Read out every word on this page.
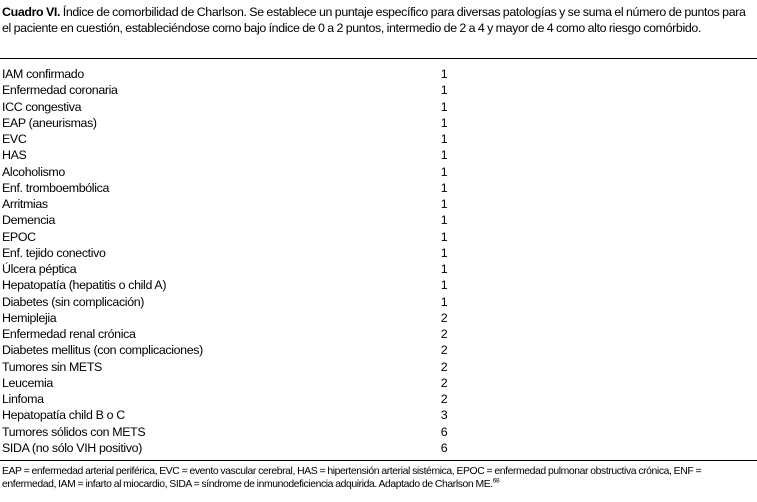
Cuadro VI. Índice de comorbilidad de Charlson. Se establece un puntaje específico para diversas patologías y se suma el número de puntos para el paciente en cuestión, estableciéndose como bajo índice de 0 a 2 puntos, intermedio de 2 a 4 y mayor de 4 como alto riesgo comórbido.
IAM confirmado	1
Enfermedad coronaria	1
ICC congestiva	1
EAP (aneurismas)	1
EVC	1
HAS	1
Alcoholismo	1
Enf. tromboembólica	1
Arritmias	1
Demencia	1
EPOC	1
Enf. tejido conectivo	1
Úlcera péptica	1
Hepatopatía (hepatitis o child A)	1
Diabetes (sin complicación)	1
Hemiplejia	2
Enfermedad renal crónica	2
Diabetes mellitus (con complicaciones)	2
Tumores sin METS	2
Leucemia	2
Linfoma	2
Hepatopatía child B o C	3
Tumores sólidos con METS	6
SIDA (no sólo VIH positivo)	6
EAP = enfermedad arterial periférica, EVC = evento vascular cerebral, HAS = hipertensión arterial sistémica, EPOC = enfermedad pulmonar obstructiva crónica, ENF = enfermedad, IAM = infarto al miocardio, SIDA = síndrome de inmunodeficiencia adquirida. Adaptado de Charlson ME.$^{68}$
